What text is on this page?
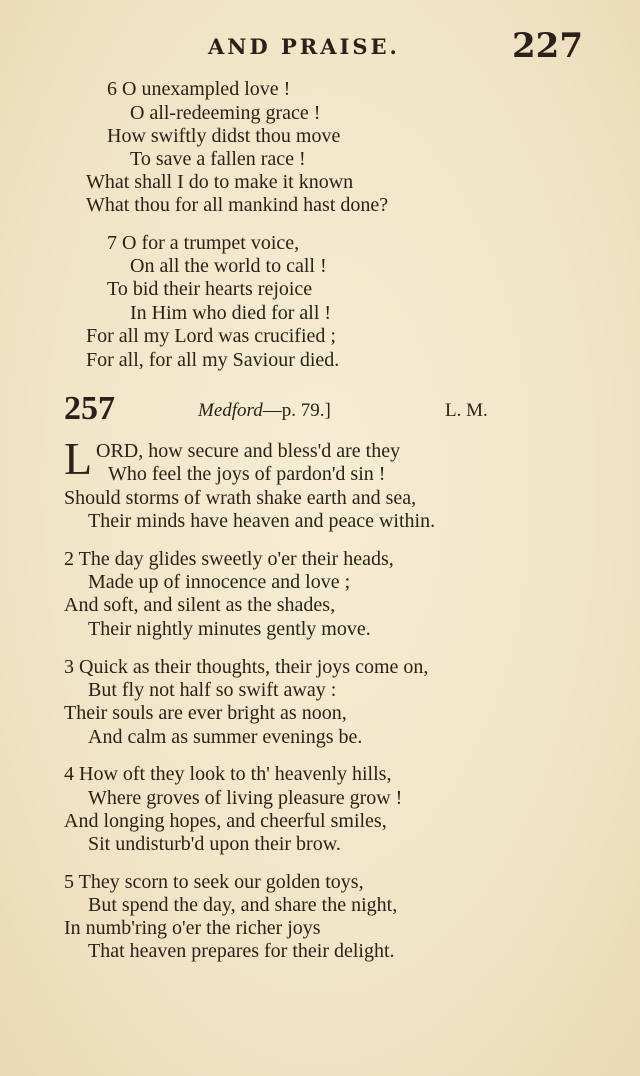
AND PRAISE.	227
6 O unexampled love !
O all-redeeming grace !
How swiftly didst thou move
To save a fallen race !
What shall I do to make it known
What thou for all mankind hast done?
7 O for a trumpet voice,
On all the world to call !
To bid their hearts rejoice
In Him who died for all !
For all my Lord was crucified ;
For all, for all my Saviour died.
257	Medford—p. 79.]	L. M.
L ORD, how secure and bless'd are they
Who feel the joys of pardon'd sin !
Should storms of wrath shake earth and sea,
Their minds have heaven and peace within.
2 The day glides sweetly o'er their heads,
Made up of innocence and love ;
And soft, and silent as the shades,
Their nightly minutes gently move.
3 Quick as their thoughts, their joys come on,
But fly not half so swift away :
Their souls are ever bright as noon,
And calm as summer evenings be.
4 How oft they look to th' heavenly hills,
Where groves of living pleasure grow !
And longing hopes, and cheerful smiles,
Sit undisturb'd upon their brow.
5 They scorn to seek our golden toys,
But spend the day, and share the night,
In numb'ring o'er the richer joys
That heaven prepares for their delight.
